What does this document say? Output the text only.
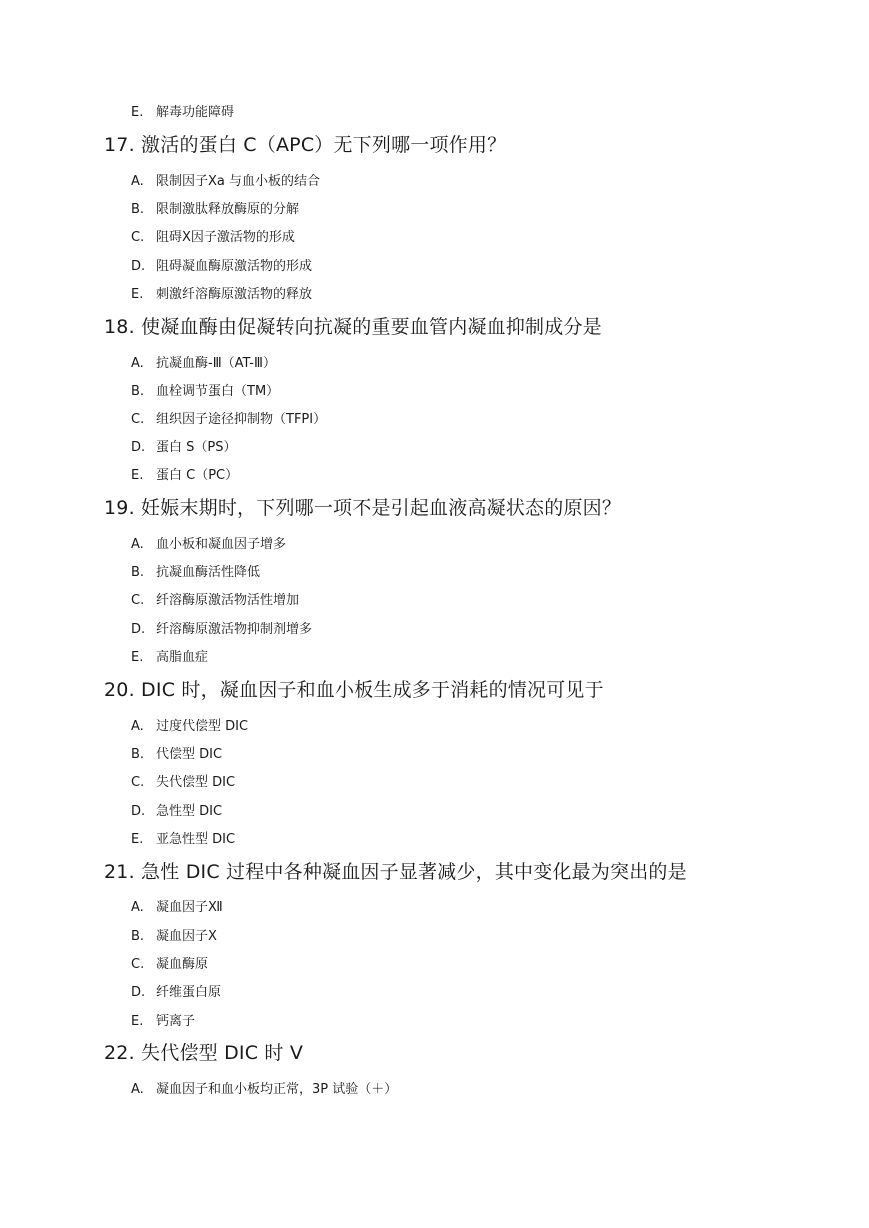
E. 解毒功能障碍
17. 激活的蛋白 C（APC）无下列哪一项作用？
A. 限制因子Ⅹa 与血小板的结合
B. 限制激肽释放酶原的分解
C. 阻碍Ⅹ因子激活物的形成
D. 阻碍凝血酶原激活物的形成
E. 刺激纤溶酶原激活物的释放
18. 使凝血酶由促凝转向抗凝的重要血管内凝血抑制成分是
A. 抗凝血酶-Ⅲ（AT-Ⅲ）
B. 血栓调节蛋白（TM）
C. 组织因子途径抑制物（TFPI）
D. 蛋白 S（PS）
E. 蛋白 C（PC）
19. 妊娠末期时，下列哪一项不是引起血液高凝状态的原因？
A. 血小板和凝血因子增多
B. 抗凝血酶活性降低
C. 纤溶酶原激活物活性增加
D. 纤溶酶原激活物抑制剂增多
E. 高脂血症
20. DIC 时，凝血因子和血小板生成多于消耗的情况可见于
A. 过度代偿型 DIC
B. 代偿型 DIC
C. 失代偿型 DIC
D. 急性型 DIC
E. 亚急性型 DIC
21. 急性 DIC 过程中各种凝血因子显著减少，其中变化最为突出的是
A. 凝血因子Ⅻ
B. 凝血因子Ⅹ
C. 凝血酶原
D. 纤维蛋白原
E. 钙离子
22. 失代偿型 DIC 时 V
A. 凝血因子和血小板均正常，3P 试验（＋）
